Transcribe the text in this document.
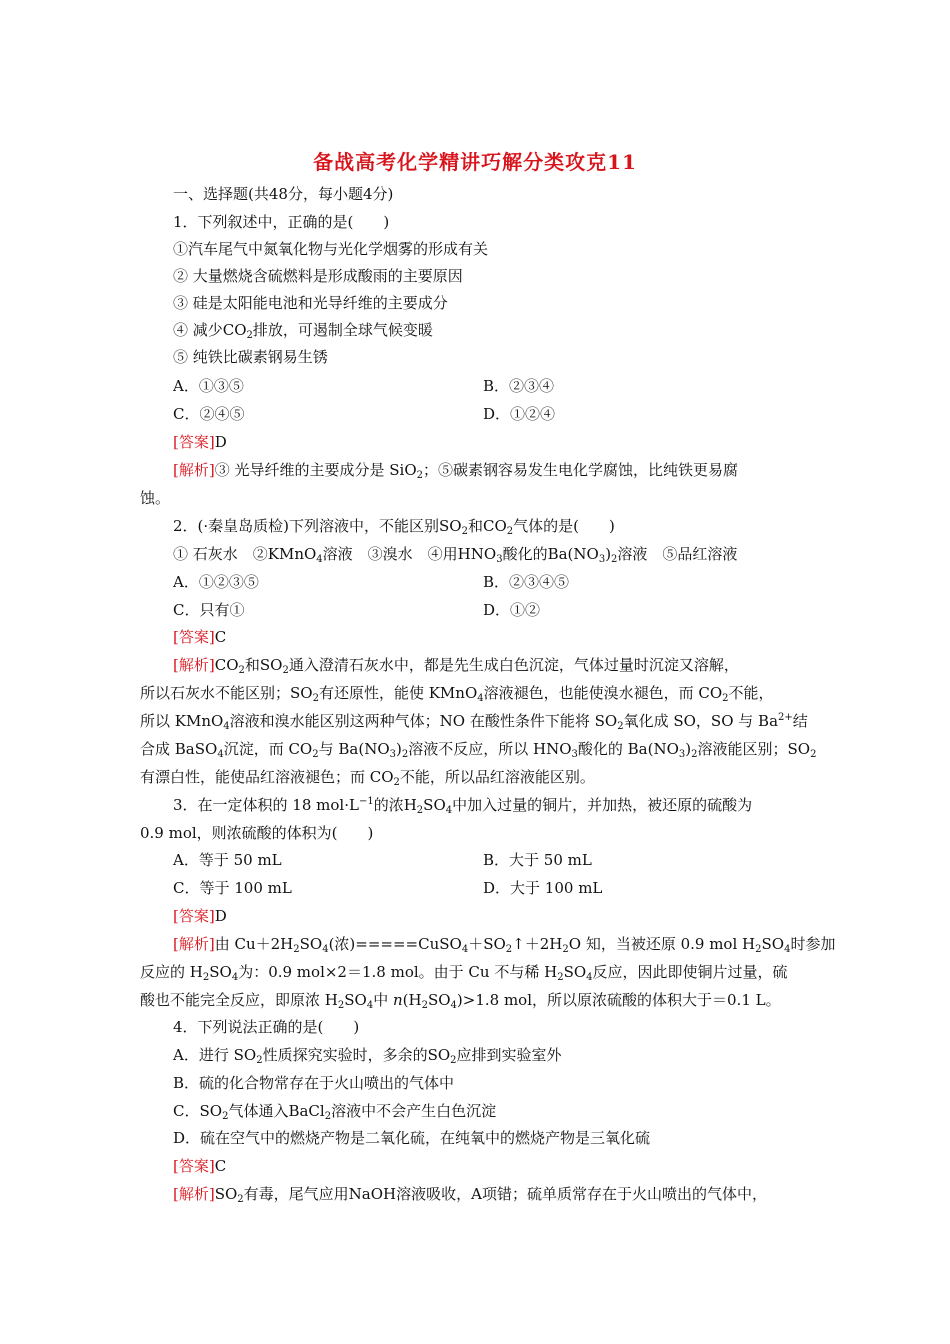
备战高考化学精讲巧解分类攻克11
一、选择题(共48分，每小题4分)
1．下列叙述中，正确的是(　　)
①汽车尾气中氮氧化物与光化学烟雾的形成有关
② 大量燃烧含硫燃料是形成酸雨的主要原因
③ 硅是太阳能电池和光导纤维的主要成分
④ 减少$CO_2$排放，可遏制全球气候变暖
⑤ 纯铁比碳素钢易生锈
A．①③⑤	B．②③④
C．②④⑤	D．①②④
[答案]D
[解析]③ 光导纤维的主要成分是 SiO$_2$；⑤碳素钢容易发生电化学腐蚀，比纯铁更易腐
蚀。
2．(·秦皇岛质检)下列溶液中，不能区别$SO_2$和$CO_2$气体的是(　　)
① 石灰水　②KMnO$_4$溶液　③溴水　④用$HNO_3$酸化的$Ba(NO_3)_2$溶液　⑤品红溶液
A．①②③⑤	B．②③④⑤
C．只有①	D．①②
[答案]C
[解析]$CO_2$和$SO_2$通入澄清石灰水中，都是先生成白色沉淀，气体过量时沉淀又溶解，
所以石灰水不能区别；$SO_2$有还原性，能使 KMnO$_4$溶液褪色，也能使溴水褪色，而 $CO_2$不能，
所以 KMnO$_4$溶液和溴水能区别这两种气体；NO 在酸性条件下能将 $SO_2$氧化成 SO，SO 与 $Ba^{2+}$结
合成 BaSO$_4$沉淀，而 $CO_2$与 $Ba(NO_3)_2$溶液不反应，所以 $HNO_3$酸化的 $Ba(NO_3)_2$溶液能区别；$SO_2$
有漂白性，能使品红溶液褪色；而 $CO_2$不能，所以品红溶液能区别。
3．在一定体积的 18 $mol\cdot L^{-1}$的浓$H_2SO_4$中加入过量的铜片，并加热，被还原的硫酸为
0.9 mol，则浓硫酸的体积为(　　)
A．等于 50 mL	B．大于 50 mL
C．等于 100 mL	D．大于 100 mL
[答案]D
[解析]由 $Cu+2H_2SO_4$(浓)$=====CuSO_4+SO_2↑+2H_2O$ 知，当被还原 0.9 mol $H_2SO_4$时参加
反应的 $H_2SO_4$为：0.9 mol×2＝1.8 mol。由于 Cu 不与稀 $H_2SO_4$反应，因此即使铜片过量，硫
酸也不能完全反应，即原浓 $H_2SO_4$中 $n(H_2SO_4)>1.8$ mol，所以原浓硫酸的体积大于＝0.1 L。
4．下列说法正确的是(　　)
A．进行 $SO_2$性质探究实验时，多余的$SO_2$应排到实验室外
B．硫的化合物常存在于火山喷出的气体中
C．$SO_2$气体通入BaCl$_2$溶液中不会产生白色沉淀
D．硫在空气中的燃烧产物是二氧化硫，在纯氧中的燃烧产物是三氧化硫
[答案]C
[解析]$SO_2$有毒，尾气应用NaOH溶液吸收，A项错；硫单质常存在于火山喷出的气体中，
